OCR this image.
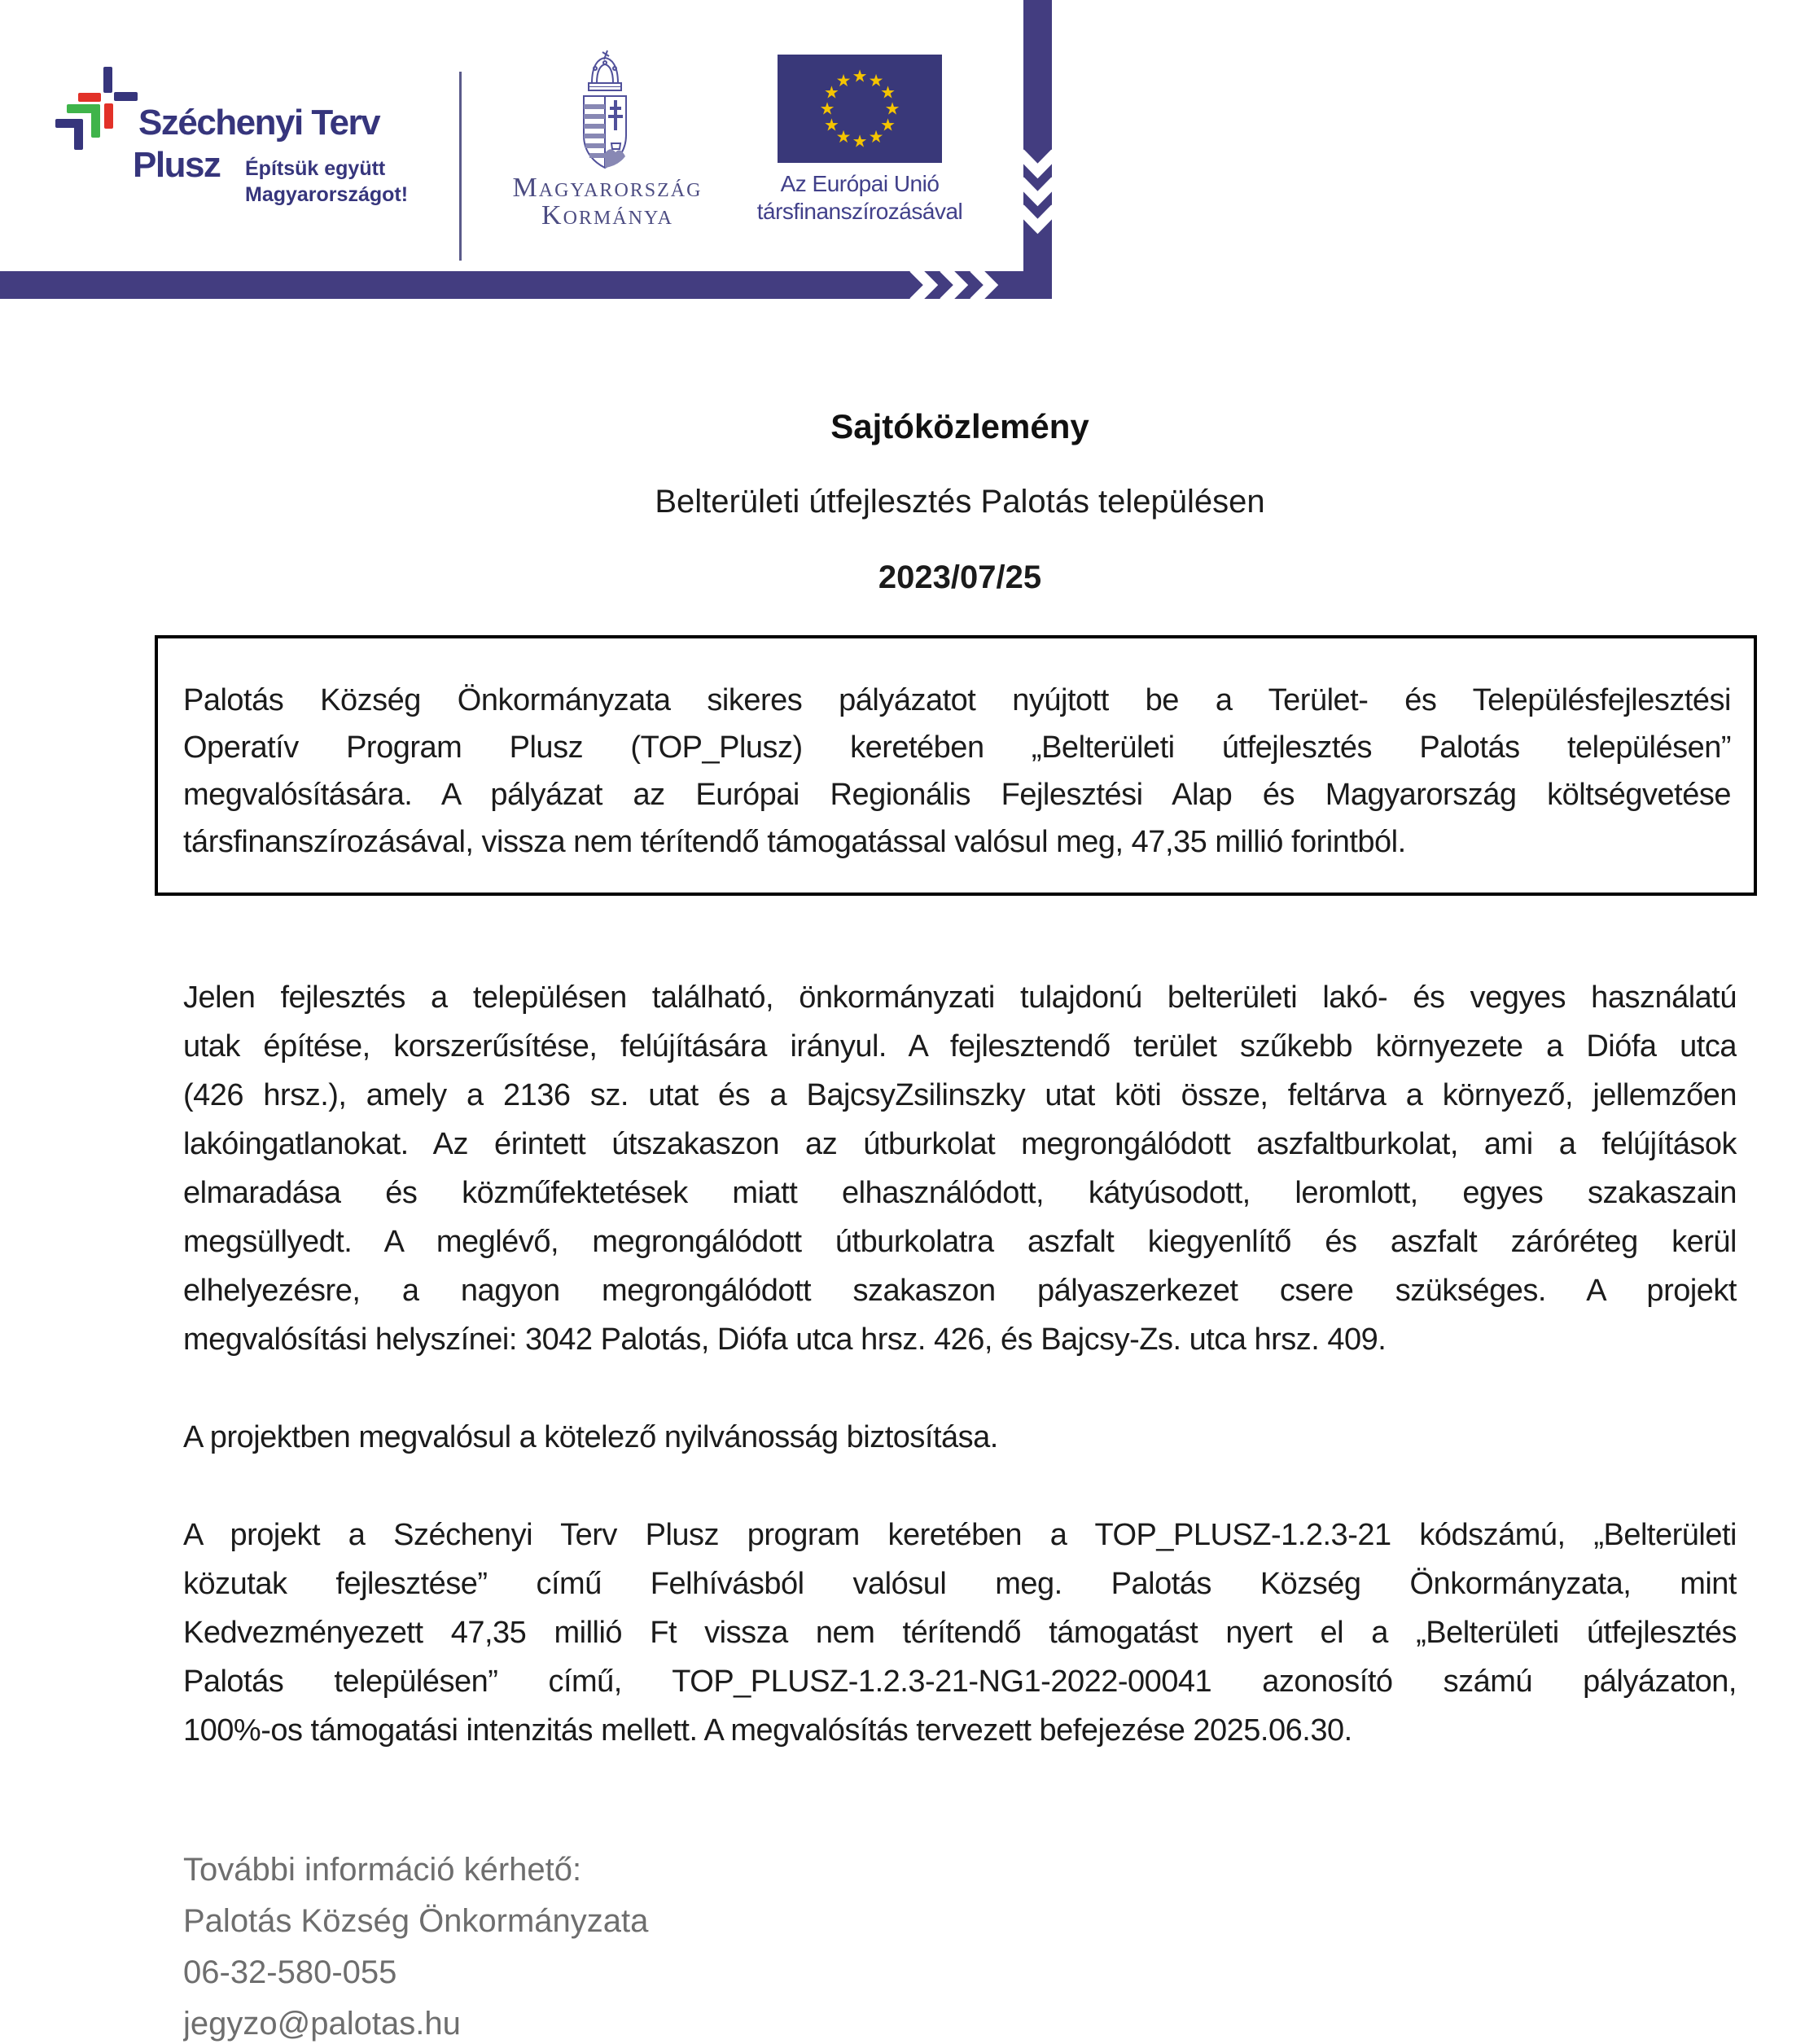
★ ★
★
★
★
★
★
★
★
★
★
★
Széchenyi Terv
Plusz Építsük együtt
Magyarországot!	Magyarország
Kormánya
Az Európai Unió
társfinanszírozásával
Sajtóközlemény
Belterületi útfejlesztés Palotás településen
2023/07/25
Palotás Község Önkormányzata sikeres pályázatot nyújtott be a Terület- és Településfejlesztési
Operatív Program Plusz (TOP_Plusz) keretében „Belterületi útfejlesztés Palotás településen”
megvalósítására. A pályázat az Európai Regionális Fejlesztési Alap és Magyarország költségvetése
társfinanszírozásával, vissza nem térítendő támogatással valósul meg, 47,35 millió forintból.
Jelen fejlesztés a településen található, önkormányzati tulajdonú belterületi lakó- és vegyes használatú
utak építése, korszerűsítése, felújítására irányul. A fejlesztendő terület szűkebb környezete a Diófa utca
(426 hrsz.), amely a 2136 sz. utat és a BajcsyZsilinszky utat köti össze, feltárva a környező, jellemzően
lakóingatlanokat. Az érintett útszakaszon az útburkolat megrongálódott aszfaltburkolat, ami a felújítások
elmaradása és közműfektetések miatt elhasználódott, kátyúsodott, leromlott, egyes szakaszain
megsüllyedt. A meglévő, megrongálódott útburkolatra aszfalt kiegyenlítő és aszfalt záróréteg kerül
elhelyezésre, a nagyon megrongálódott szakaszon pályaszerkezet csere szükséges. A projekt
megvalósítási helyszínei: 3042 Palotás, Diófa utca hrsz. 426, és Bajcsy-Zs. utca hrsz. 409.
A projektben megvalósul a kötelező nyilvánosság biztosítása.
A projekt a Széchenyi Terv Plusz program keretében a TOP_PLUSZ-1.2.3-21 kódszámú, „Belterületi
közutak fejlesztése” című Felhívásból valósul meg. Palotás Község Önkormányzata, mint
Kedvezményezett 47,35 millió Ft vissza nem térítendő támogatást nyert el a „Belterületi útfejlesztés
Palotás településen” című, TOP_PLUSZ-1.2.3-21-NG1-2022-00041 azonosító számú pályázaton,
100%-os támogatási intenzitás mellett. A megvalósítás tervezett befejezése 2025.06.30.
További információ kérhető:
Palotás Község Önkormányzata
06-32-580-055
jegyzo@palotas.hu
